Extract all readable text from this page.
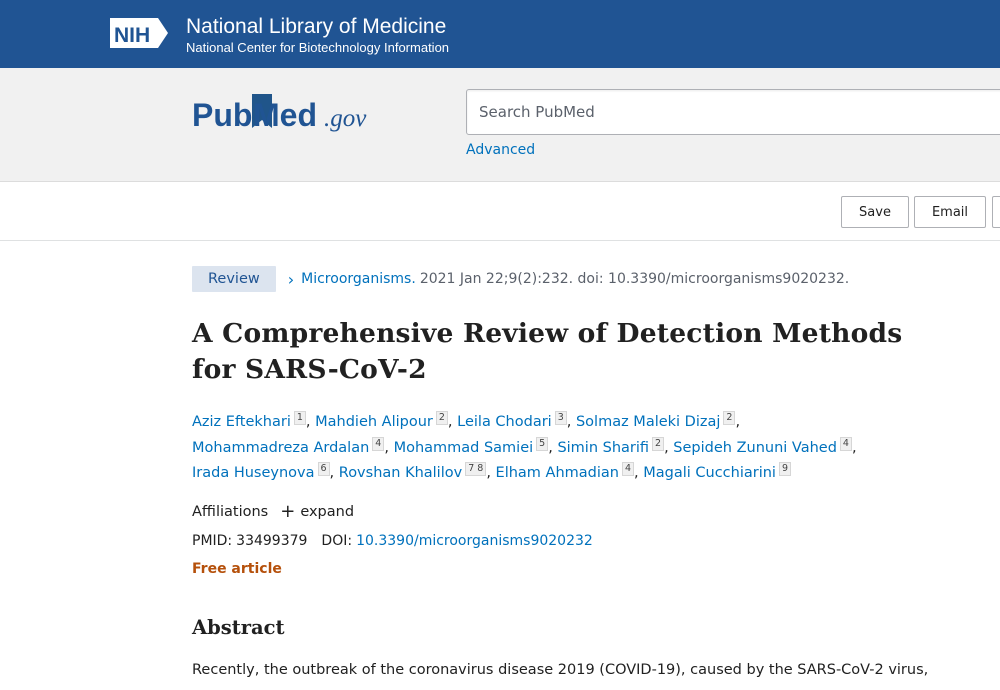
NIH National Library of Medicine
National Center for Biotechnology Information
Pub Med .gov
Search PubMed
Advanced
Save	Email
Review	› Microorganisms. 2021 Jan 22;9(2):232. doi: 10.3390/microorganisms9020232.
A Comprehensive Review of Detection Methods for SARS-CoV-2
Aziz Eftekhari 1 , Mahdieh Alipour 2 , Leila Chodari 3 , Solmaz Maleki Dizaj 2 ,
Mohammadreza Ardalan 4 , Mohammad Samiei 5 , Simin Sharifi 2 , Sepideh Zununi Vahed 4 ,
Irada Huseynova 6 , Rovshan Khalilov 7 8 , Elham Ahmadian 4 , Magali Cucchiarini 9
Affiliations + expand
PMID: 33499379 DOI: 10.3390/microorganisms9020232
Free article
Abstract

Recently, the outbreak of the coronavirus disease 2019 (COVID-19), caused by the SARS-CoV-2 virus,
